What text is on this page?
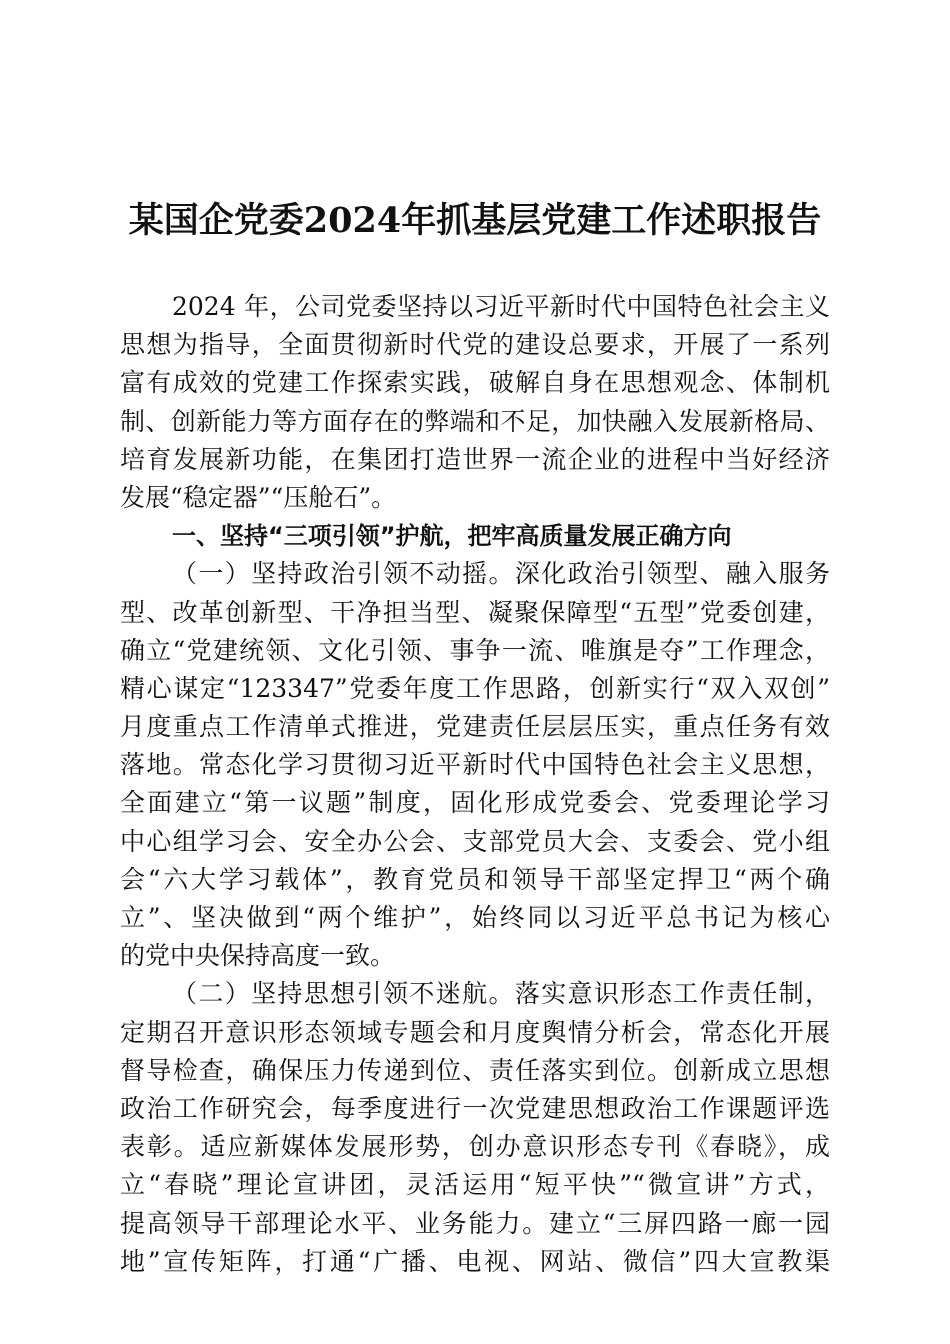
某国企党委2024年抓基层党建工作述职报告
2024 年，公司党委坚持以习近平新时代中国特色社会主义
思想为指导，全面贯彻新时代党的建设总要求，开展了一系列
富有成效的党建工作探索实践，破解自身在思想观念、体制机
制、创新能力等方面存在的弊端和不足，加快融入发展新格局、
培育发展新功能，在集团打造世界一流企业的进程中当好经济
发展“稳定器”“压舱石”。
一、坚持“三项引领”护航，把牢高质量发展正确方向
（一）坚持政治引领不动摇。深化政治引领型、融入服务
型、改革创新型、干净担当型、凝聚保障型“五型”党委创建，
确立“党建统领、文化引领、事争一流、唯旗是夺”工作理念，
精心谋定“123347”党委年度工作思路，创新实行“双入双创”
月度重点工作清单式推进，党建责任层层压实，重点任务有效
落地。常态化学习贯彻习近平新时代中国特色社会主义思想，
全面建立“第一议题”制度，固化形成党委会、党委理论学习
中心组学习会、安全办公会、支部党员大会、支委会、党小组
会“六大学习载体”，教育党员和领导干部坚定捍卫“两个确
立”、坚决做到“两个维护”，始终同以习近平总书记为核心
的党中央保持高度一致。
（二）坚持思想引领不迷航。落实意识形态工作责任制，
定期召开意识形态领域专题会和月度舆情分析会，常态化开展
督导检查，确保压力传递到位、责任落实到位。创新成立思想
政治工作研究会，每季度进行一次党建思想政治工作课题评选
表彰。适应新媒体发展形势，创办意识形态专刊《春晓》，成
立“春晓”理论宣讲团，灵活运用“短平快”“微宣讲”方式，
提高领导干部理论水平、业务能力。建立“三屏四路一廊一园
地”宣传矩阵，打通“广播、电视、网站、微信”四大宣教渠
